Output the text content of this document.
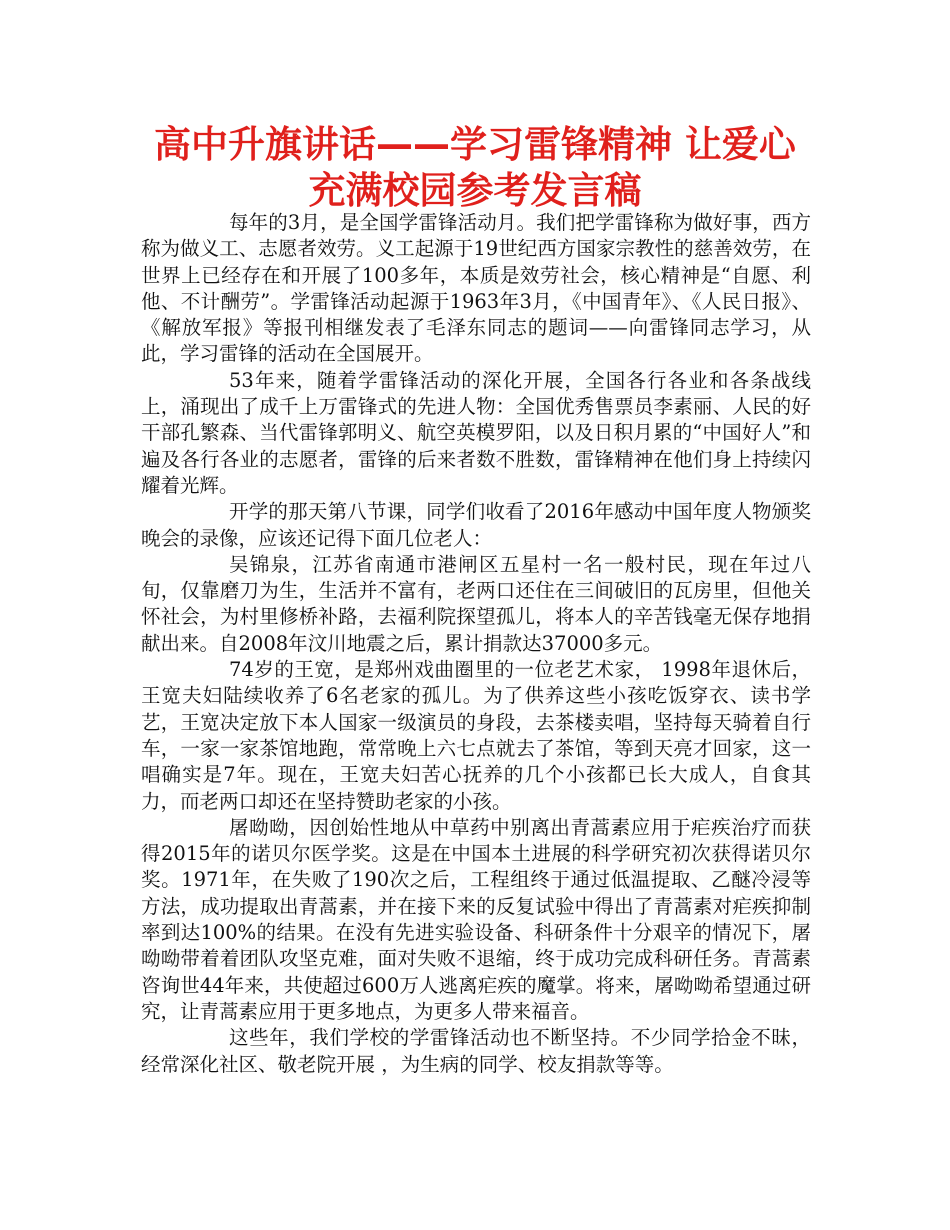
高中升旗讲话——学习雷锋精神 让爱心充满校园参考发言稿

每年的3月，是全国学雷锋活动月。我们把学雷锋称为做好事，西方称为做义工、志愿者效劳。义工起源于19世纪西方国家宗教性的慈善效劳，在世界上已经存在和开展了100多年，本质是效劳社会，核心精神是“自愿、利他、不计酬劳”。学雷锋活动起源于1963年3月，《中国青年》、《人民日报》、《解放军报》等报刊相继发表了毛泽东同志的题词——向雷锋同志学习，从此，学习雷锋的活动在全国展开。

53年来，随着学雷锋活动的深化开展，全国各行各业和各条战线上，涌现出了成千上万雷锋式的先进人物：全国优秀售票员李素丽、人民的好干部孔繁森、当代雷锋郭明义、航空英模罗阳，以及日积月累的“中国好人”和遍及各行各业的志愿者，雷锋的后来者数不胜数，雷锋精神在他们身上持续闪耀着光辉。

开学的那天第八节课，同学们收看了2016年感动中国年度人物颁奖晚会的录像，应该还记得下面几位老人：

吴锦泉，江苏省南通市港闸区五星村一名一般村民，现在年过八旬，仅靠磨刀为生，生活并不富有，老两口还住在三间破旧的瓦房里，但他关怀社会，为村里修桥补路，去福利院探望孤儿，将本人的辛苦钱毫无保存地捐献出来。自2008年汶川地震之后，累计捐款达37000多元。

74岁的王宽，是郑州戏曲圈里的一位老艺术家， 1998年退休后，王宽夫妇陆续收养了6名老家的孤儿。为了供养这些小孩吃饭穿衣、读书学艺，王宽决定放下本人国家一级演员的身段，去茶楼卖唱，坚持每天骑着自行车，一家一家茶馆地跑，常常晚上六七点就去了茶馆，等到天亮才回家，这一唱确实是7年。现在，王宽夫妇苦心抚养的几个小孩都已长大成人，自食其力，而老两口却还在坚持赞助老家的小孩。

屠呦呦，因创始性地从中草药中别离出青蒿素应用于疟疾治疗而获得2015年的诺贝尔医学奖。这是在中国本土进展的科学研究初次获得诺贝尔奖。1971年，在失败了190次之后，工程组终于通过低温提取、乙醚冷浸等方法，成功提取出青蒿素，并在接下来的反复试验中得出了青蒿素对疟疾抑制率到达100%的结果。在没有先进实验设备、科研条件十分艰辛的情况下，屠呦呦带着着团队攻坚克难，面对失败不退缩，终于成功完成科研任务。青蒿素咨询世44年来，共使超过600万人逃离疟疾的魔掌。将来，屠呦呦希望通过研究，让青蒿素应用于更多地点，为更多人带来福音。

这些年，我们学校的学雷锋活动也不断坚持。不少同学拾金不昧，经常深化社区、敬老院开展 ，为生病的同学、校友捐款等等。
